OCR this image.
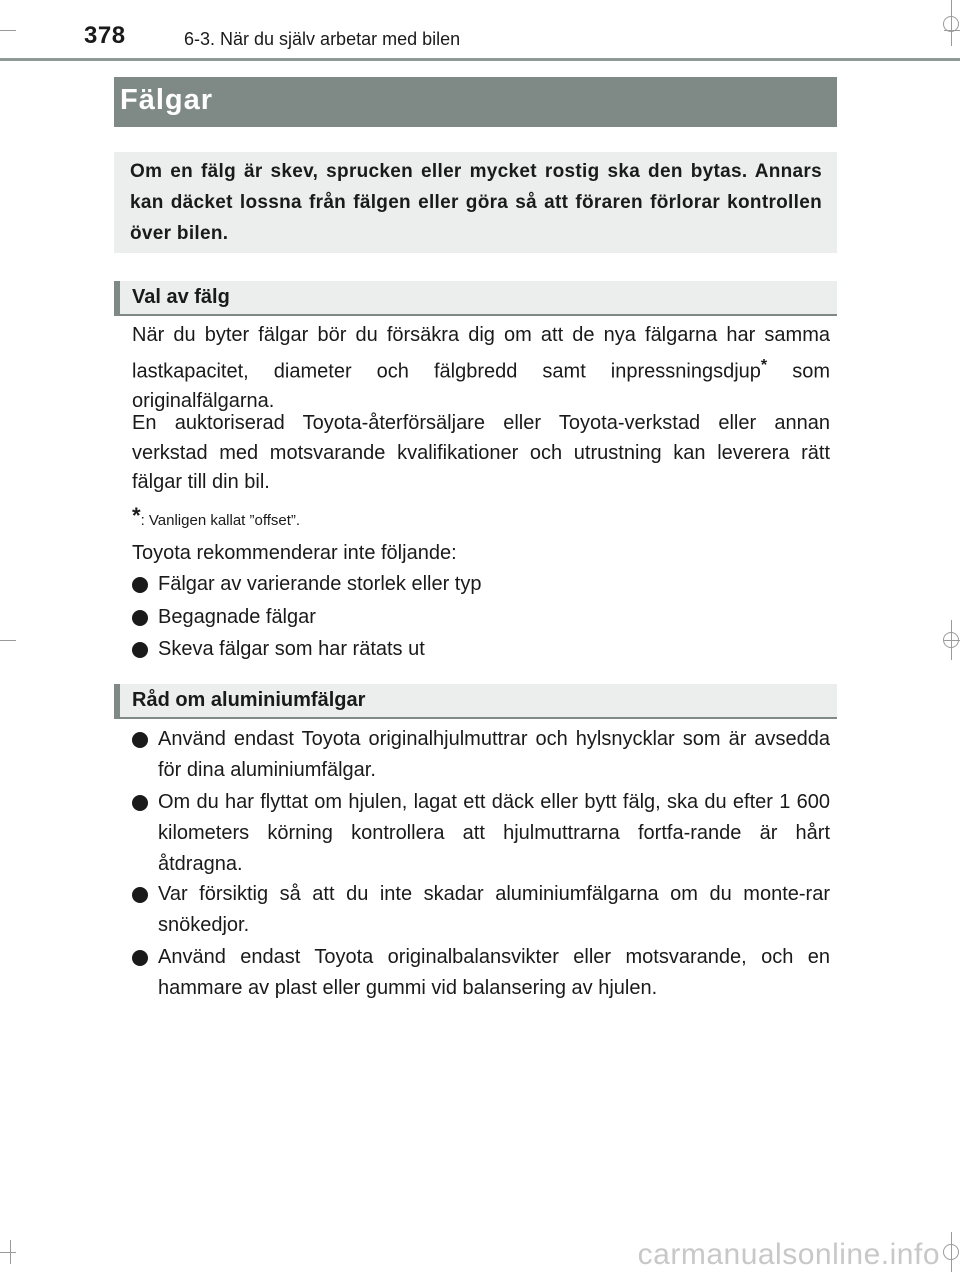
378	6-3. När du själv arbetar med bilen
Fälgar
Om en fälg är skev, sprucken eller mycket rostig ska den bytas. Annars kan däcket lossna från fälgen eller göra så att föraren förlorar kontrollen över bilen.
Val av fälg
När du byter fälgar bör du försäkra dig om att de nya fälgarna har samma lastkapacitet, diameter och fälgbredd samt inpressningsdjup* som originalfälgarna.
En auktoriserad Toyota-återförsäljare eller Toyota-verkstad eller annan verkstad med motsvarande kvalifikationer och utrustning kan leverera rätt fälgar till din bil.
*: Vanligen kallat ”offset”.
Toyota rekommenderar inte följande:
Fälgar av varierande storlek eller typ
Begagnade fälgar
Skeva fälgar som har rätats ut
Råd om aluminiumfälgar
Använd endast Toyota originalhjulmuttrar och hylsnycklar som är avsedda för dina aluminiumfälgar.
Om du har flyttat om hjulen, lagat ett däck eller bytt fälg, ska du efter 1 600 kilometers körning kontrollera att hjulmuttrarna fortfa-rande är hårt åtdragna.
Var försiktig så att du inte skadar aluminiumfälgarna om du monte-rar snökedjor.
Använd endast Toyota originalbalansvikter eller motsvarande, och en hammare av plast eller gummi vid balansering av hjulen.
carmanualsonline.info
